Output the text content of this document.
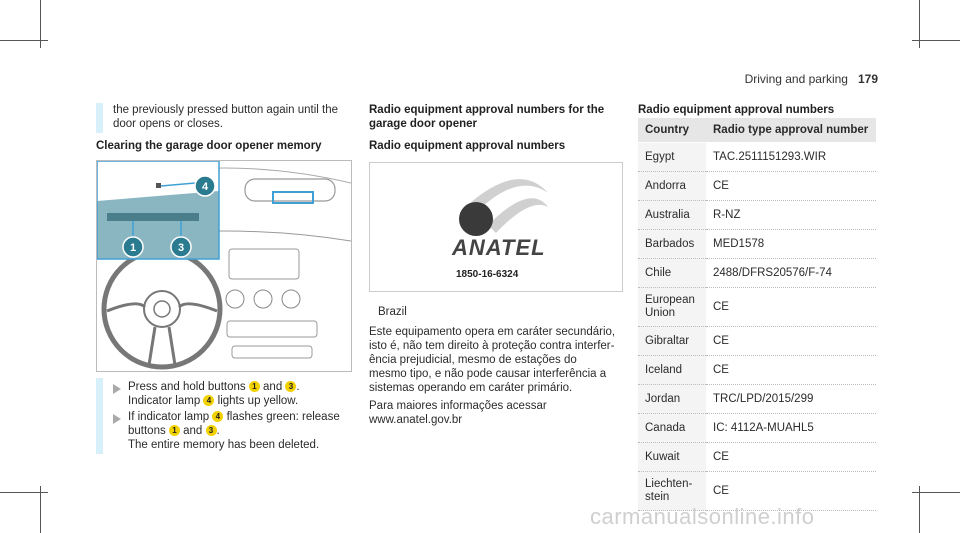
Driving and parking 179
the previously pressed button again until the door opens or closes.
Clearing the garage door opener memory
4
1	3
Press and hold buttons 1 and 3 .
Indicator lamp 4 lights up yellow.
If indicator lamp 4 flashes green: release
buttons 1 and 3 .
The entire memory has been deleted.
Radio equipment approval numbers for the garage door opener
Radio equipment approval numbers
ANATEL
1850-16-6324
Brazil
Este equipamento opera em caráter secundário, isto é, não tem direito à proteção contra interfer-ência prejudicial, mesmo de estações do mesmo tipo, e não pode causar interferência a sistemas operando em caráter primário.
Para maiores informações acessar www.anatel.gov.br
Radio equipment approval numbers
Country	Radio type approval number
Egypt	TAC.2511151293.WIR
Andorra	CE
Australia	R-NZ
Barbados	MED1578
Chile	2488/DFRS20576/F-74
European Union	CE
Gibraltar	CE
Iceland	CE
Jordan	TRC/LPD/2015/299
Canada	IC: 4112A-MUAHL5
Kuwait	CE
Liechten-stein	CE
carmanualsonline.info
